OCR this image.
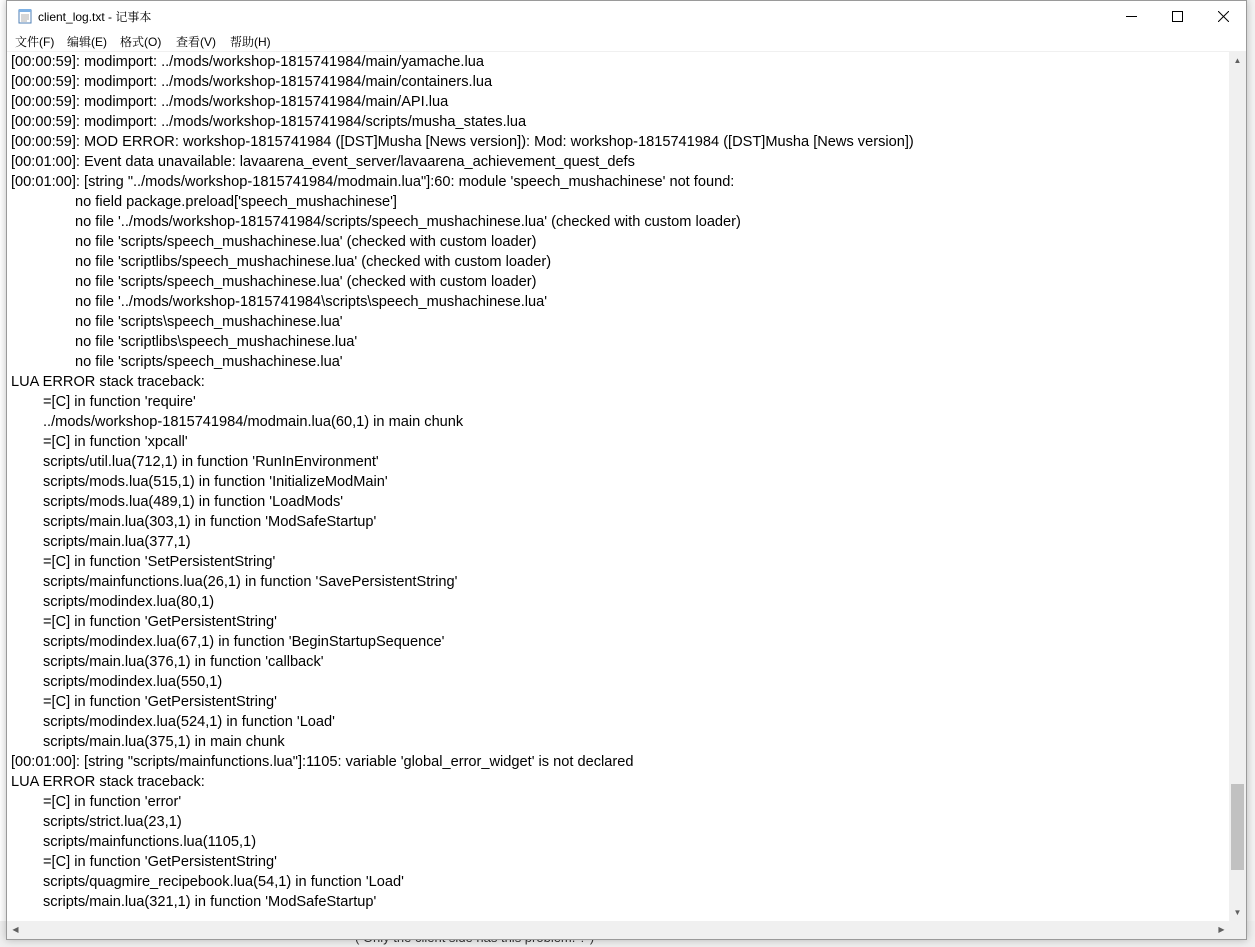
client_log.txt - 记事本
文件(F) 编辑(E) 格式(O) 查看(V) 帮助(H)
[00:00:59]: modimport: ../mods/workshop-1815741984/main/yamache.lua
[00:00:59]: modimport: ../mods/workshop-1815741984/main/containers.lua
[00:00:59]: modimport: ../mods/workshop-1815741984/main/API.lua
[00:00:59]: modimport: ../mods/workshop-1815741984/scripts/musha_states.lua
[00:00:59]: MOD ERROR: workshop-1815741984 ([DST]Musha [News version]): Mod: workshop-1815741984 ([DST]Musha [News version])
[00:01:00]: Event data unavailable: lavaarena_event_server/lavaarena_achievement_quest_defs
[00:01:00]: [string "../mods/workshop-1815741984/modmain.lua"]:60: module 'speech_mushachinese' not found:
no field package.preload['speech_mushachinese']
no file '../mods/workshop-1815741984/scripts/speech_mushachinese.lua' (checked with custom loader)
no file 'scripts/speech_mushachinese.lua' (checked with custom loader)
no file 'scriptlibs/speech_mushachinese.lua' (checked with custom loader)
no file 'scripts/speech_mushachinese.lua' (checked with custom loader)
no file '../mods/workshop-1815741984\scripts\speech_mushachinese.lua'
no file 'scripts\speech_mushachinese.lua'
no file 'scriptlibs\speech_mushachinese.lua'
no file 'scripts/speech_mushachinese.lua'
LUA ERROR stack traceback:
=[C] in function 'require'
../mods/workshop-1815741984/modmain.lua(60,1) in main chunk
=[C] in function 'xpcall'
scripts/util.lua(712,1) in function 'RunInEnvironment'
scripts/mods.lua(515,1) in function 'InitializeModMain'
scripts/mods.lua(489,1) in function 'LoadMods'
scripts/main.lua(303,1) in function 'ModSafeStartup'
scripts/main.lua(377,1)
=[C] in function 'SetPersistentString'
scripts/mainfunctions.lua(26,1) in function 'SavePersistentString'
scripts/modindex.lua(80,1)
=[C] in function 'GetPersistentString'
scripts/modindex.lua(67,1) in function 'BeginStartupSequence'
scripts/main.lua(376,1) in function 'callback'
scripts/modindex.lua(550,1)
=[C] in function 'GetPersistentString'
scripts/modindex.lua(524,1) in function 'Load'
scripts/main.lua(375,1) in main chunk
[00:01:00]: [string "scripts/mainfunctions.lua"]:1105: variable 'global_error_widget' is not declared
LUA ERROR stack traceback:
=[C] in function 'error'
scripts/strict.lua(23,1)
scripts/mainfunctions.lua(1105,1)
=[C] in function 'GetPersistentString'
scripts/quagmire_recipebook.lua(54,1) in function 'Load'
scripts/main.lua(321,1) in function 'ModSafeStartup'
▲
▼
◀	▶
